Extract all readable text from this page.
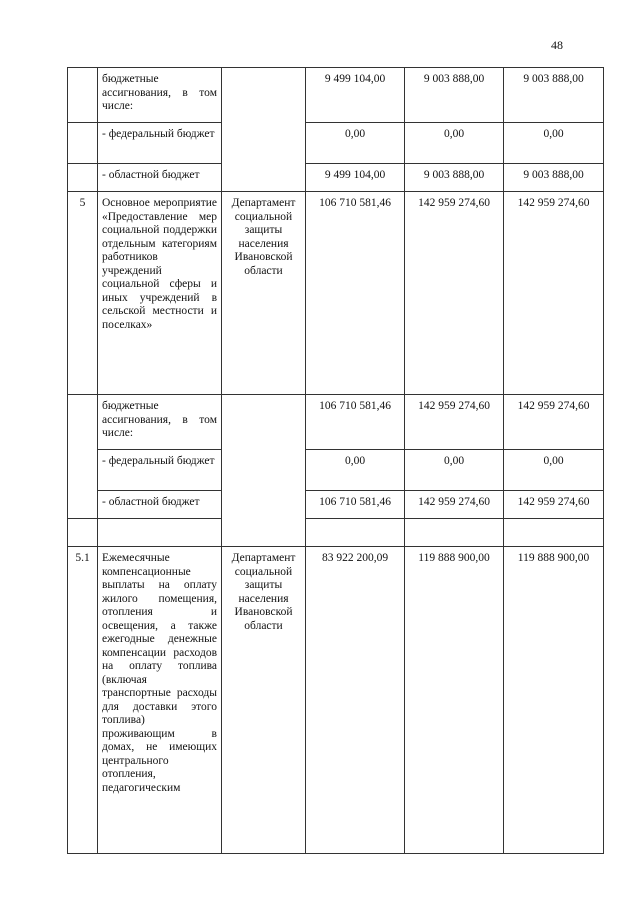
48
	бюджетные ассигнования, в том числе:		9 499 104,00	9 003 888,00	9 003 888,00
	- федеральный бюджет		0,00	0,00	0,00
	- областной бюджет		9 499 104,00	9 003 888,00	9 003 888,00
5	Основное мероприятие «Предоставление мер социальной поддержки отдельным категориям работников учреждений социальной сферы и иных учреждений в сельской местности и поселках»	Департамент социальной защиты населения Ивановской области	106 710 581,46	142 959 274,60	142 959 274,60
	бюджетные ассигнования, в том числе:		106 710 581,46	142 959 274,60	142 959 274,60
	- федеральный бюджет		0,00	0,00	0,00
	- областной бюджет		106 710 581,46	142 959 274,60	142 959 274,60

5.1	Ежемесячные компенсационные выплаты на оплату жилого помещения, отопления и освещения, а также ежегодные денежные компенсации расходов на оплату топлива (включая транспортные расходы для доставки этого топлива) проживающим в домах, не имеющих центрального отопления, педагогическим	Департамент социальной защиты населения Ивановской области	83 922 200,09	119 888 900,00	119 888 900,00
